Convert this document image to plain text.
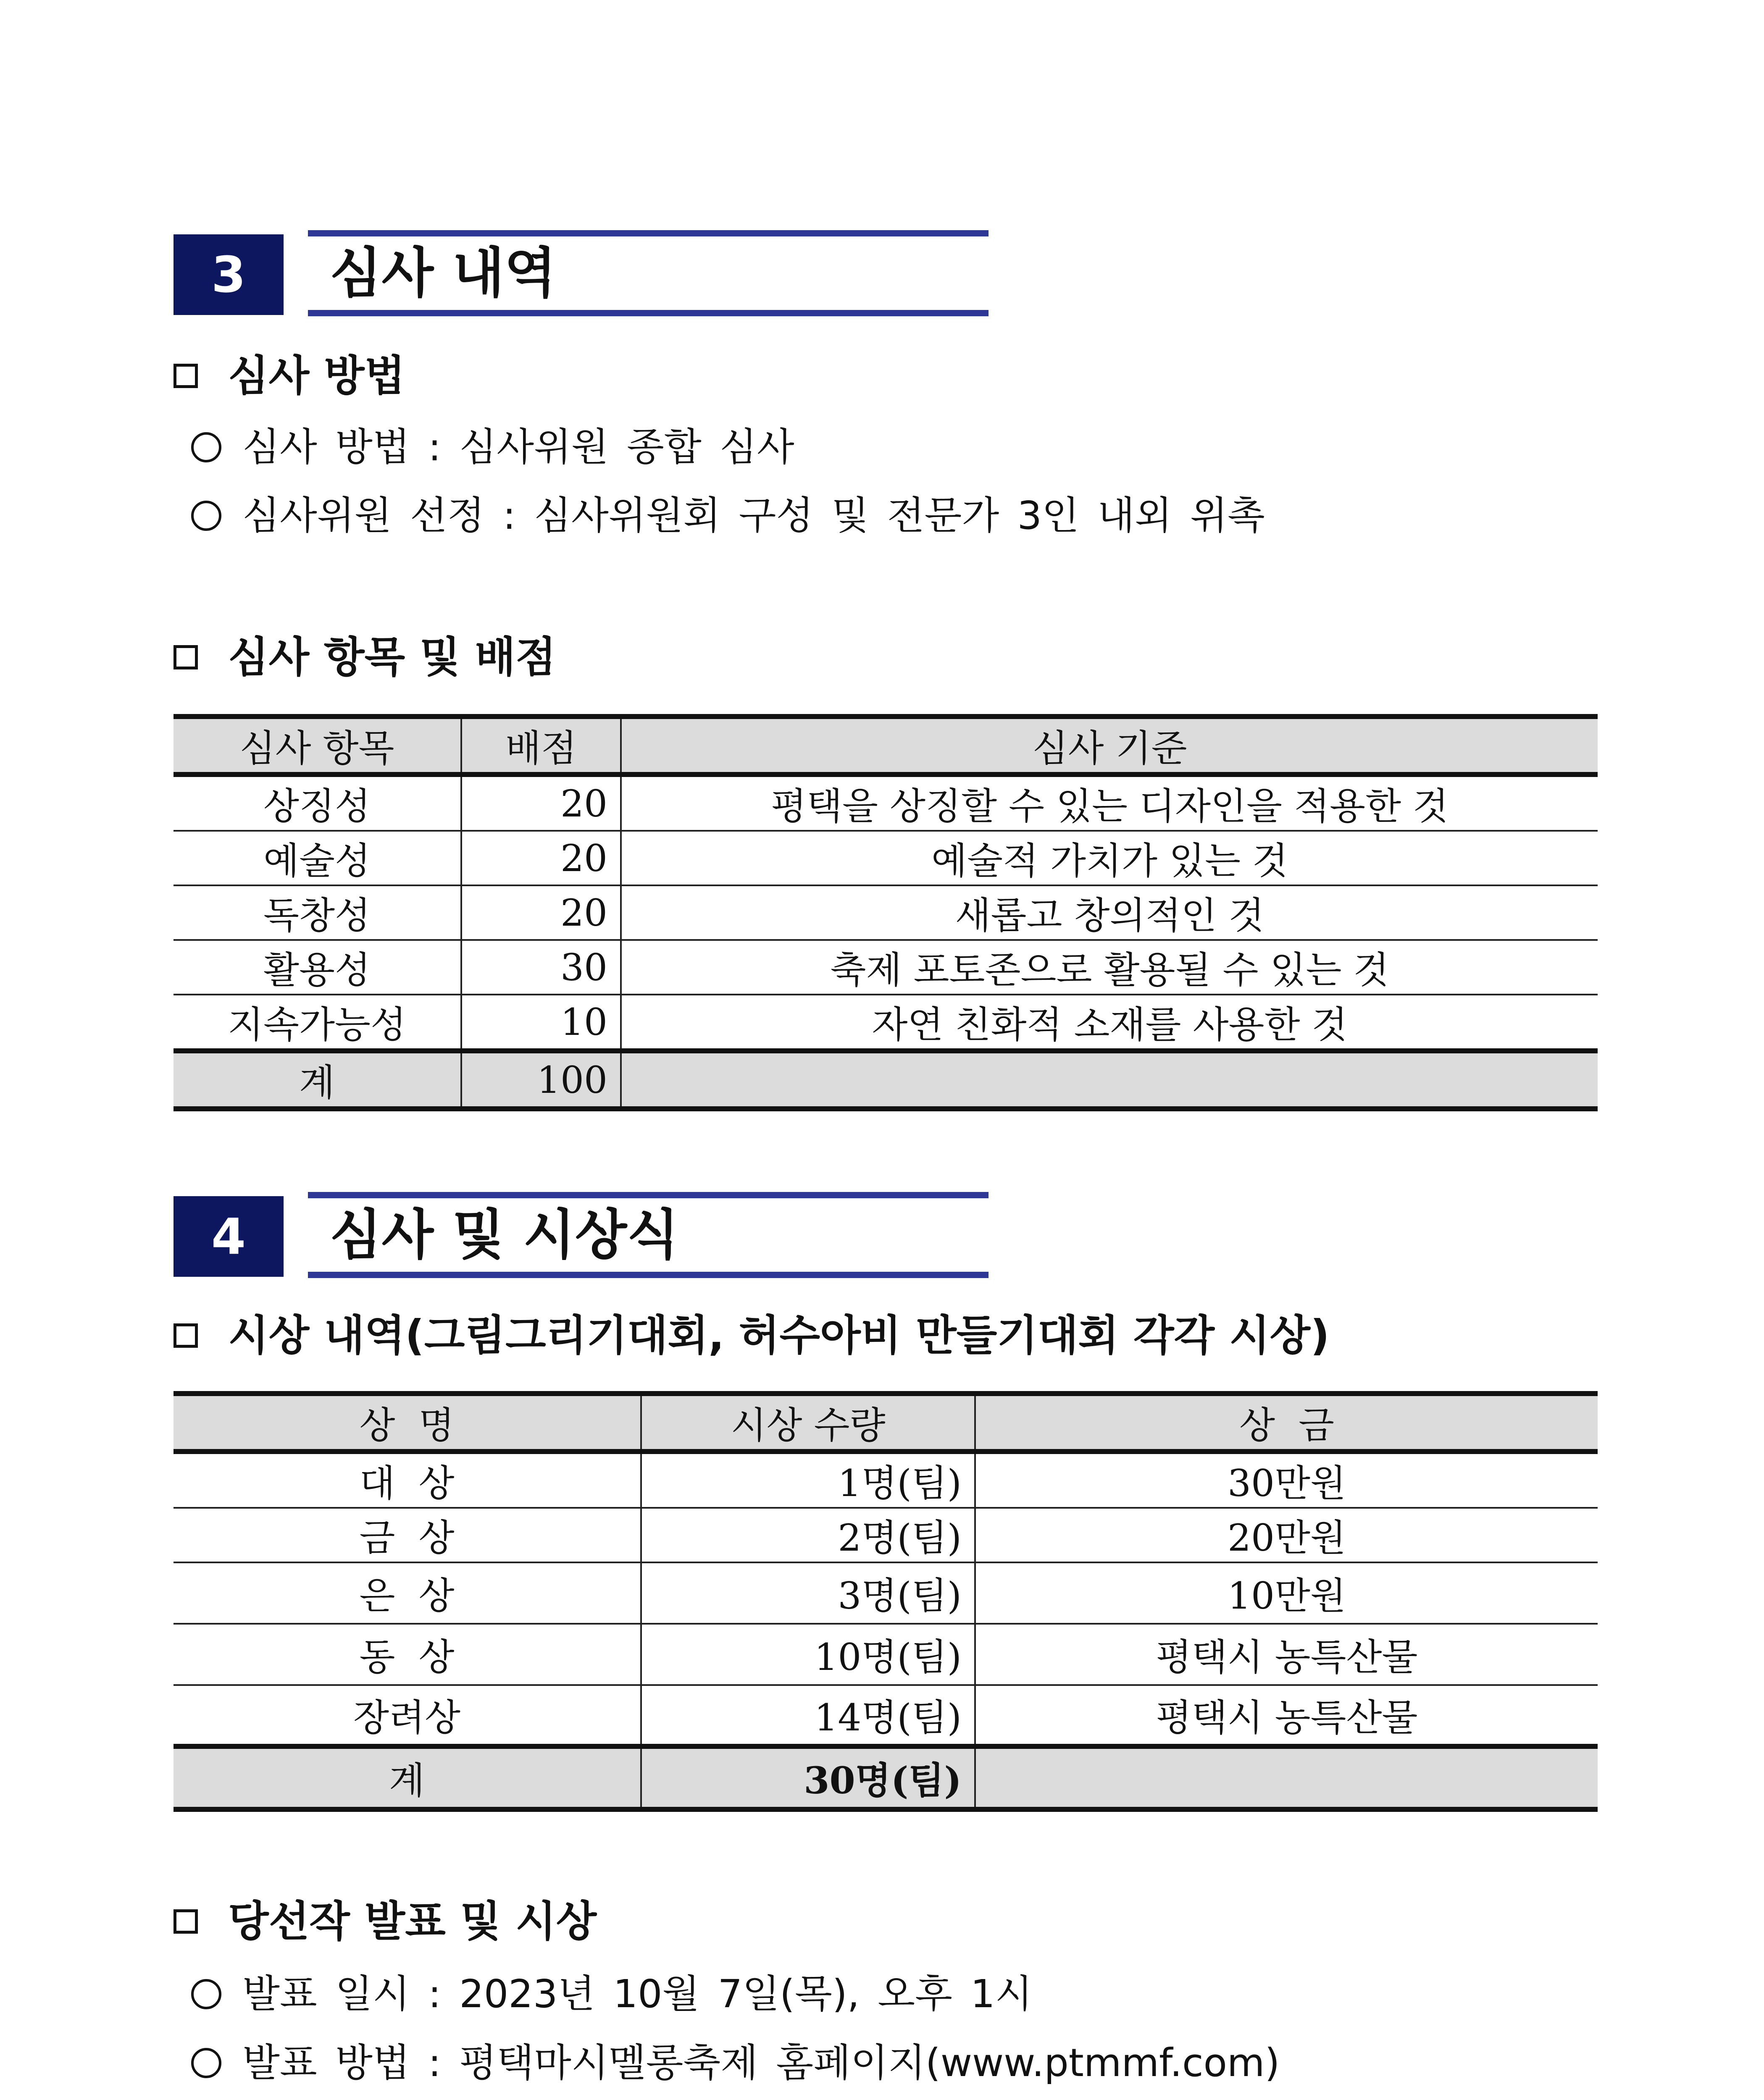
3	심사 내역
심사 방법
심사 방법 : 심사위원 종합 심사
심사위원 선정 : 심사위원회 구성 및 전문가 3인 내외 위촉
심사 항목 및 배점
심사 항목	배점	심사 기준
상징성	20	평택을 상징할 수 있는 디자인을 적용한 것
예술성	20	예술적 가치가 있는 것
독창성	20	새롭고 창의적인 것
활용성	30	축제 포토존으로 활용될 수 있는 것
지속가능성	10	자연 친화적 소재를 사용한 것
계	100	
4	심사 및 시상식
시상 내역(그림그리기대회, 허수아비 만들기대회 각각 시상)
상  명	시상 수량	상  금
대  상	1명(팀)	30만원
금  상	2명(팀)	20만원
은  상	3명(팀)	10만원
동  상	10명(팀)	평택시 농특산물
장려상	14명(팀)	평택시 농특산물
계	30명(팀)	
당선작 발표 및 시상
발표 일시 : 2023년 10월 7일(목), 오후 1시
발표 방법 : 평택마시멜롱축제 홈페이지(www.ptmmf.com)
